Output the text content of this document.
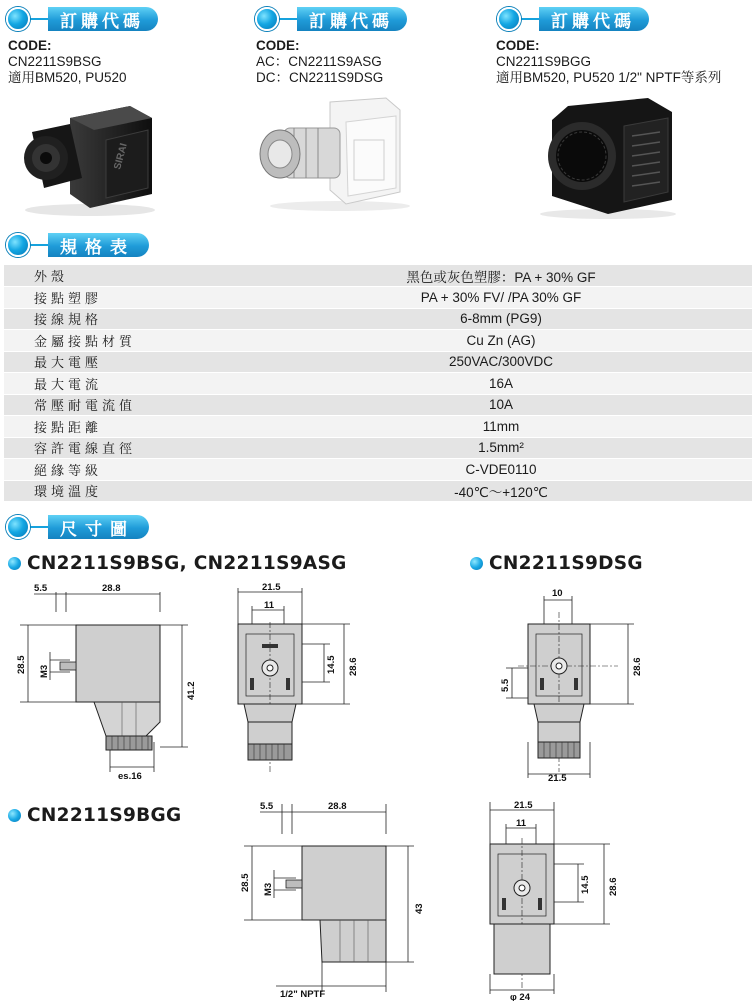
訂購代碼	訂購代碼	訂購代碼
CODE:
CN2211S9BSG
適用BM520, PU520
CODE:
AC：CN2211S9ASG
DC：CN2211S9DSG
CODE:
CN2211S9BGG
適用BM520, PU520 1/2" NPTF等系列
SIRAI
規格表
外殼	黑色或灰色塑膠：PA + 30% GF
接點塑膠	PA + 30% FV/ /PA 30% GF
接線規格	6-8mm (PG9)
金屬接點材質	Cu Zn (AG)
最大電壓	250VAC/300VDC
最大電流	16A
常壓耐電流值	10A
接點距離	11mm
容許電線直徑	1.5mm²
絕緣等級	C-VDE0110
環境溫度	-40℃～+120℃
尺寸圖
CN2211S9BSG, CN2211S9ASG	CN2211S9DSG
CN2211S9BGG
5.5	28.8
28.5 M3
41.2
es.16
21.5
11
14.5 28.6
10
28.6
5.5
21.5
5.5	28.8
28.5 M3
43
1/2" NPTF
21.5
11
14.5 28.6
φ 24
